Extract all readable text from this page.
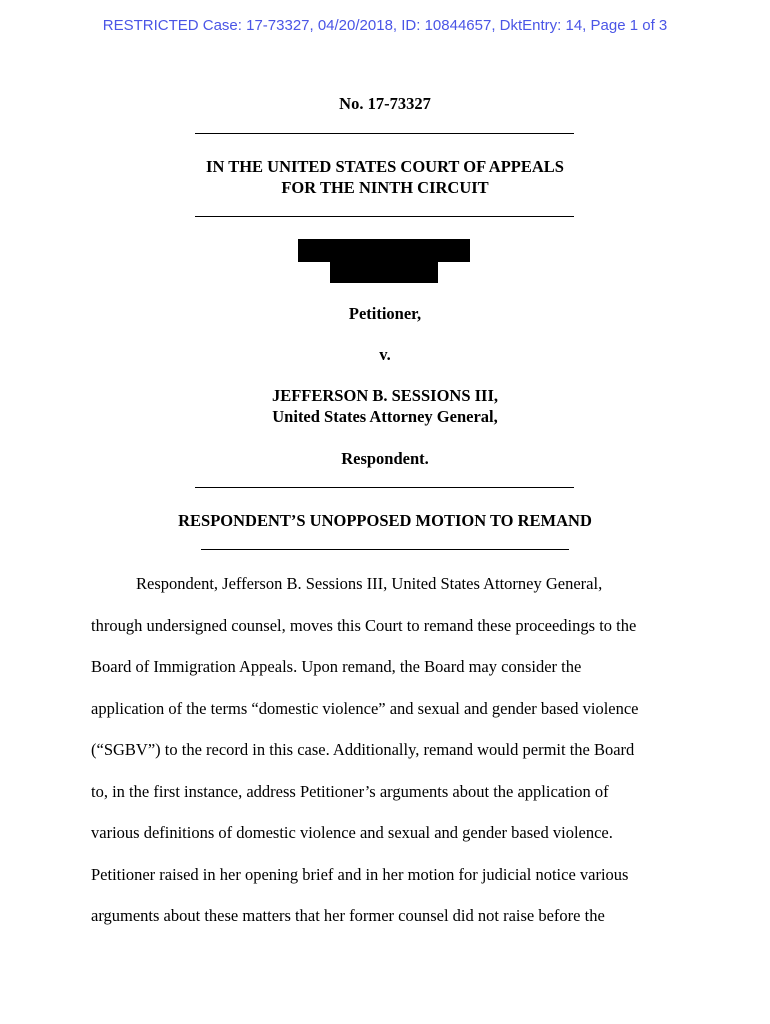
RESTRICTED Case: 17-73327, 04/20/2018, ID: 10844657, DktEntry: 14, Page 1 of 3
No. 17-73327
IN THE UNITED STATES COURT OF APPEALS
FOR THE NINTH CIRCUIT
Petitioner,
v.
JEFFERSON B. SESSIONS III,
United States Attorney General,
Respondent.
RESPONDENT’S UNOPPOSED MOTION TO REMAND
Respondent, Jefferson B. Sessions III, United States Attorney General,
through undersigned counsel, moves this Court to remand these proceedings to the
Board of Immigration Appeals. Upon remand, the Board may consider the
application of the terms “domestic violence” and sexual and gender based violence
(“SGBV”) to the record in this case. Additionally, remand would permit the Board
to, in the first instance, address Petitioner’s arguments about the application of
various definitions of domestic violence and sexual and gender based violence.
Petitioner raised in her opening brief and in her motion for judicial notice various
arguments about these matters that her former counsel did not raise before the
